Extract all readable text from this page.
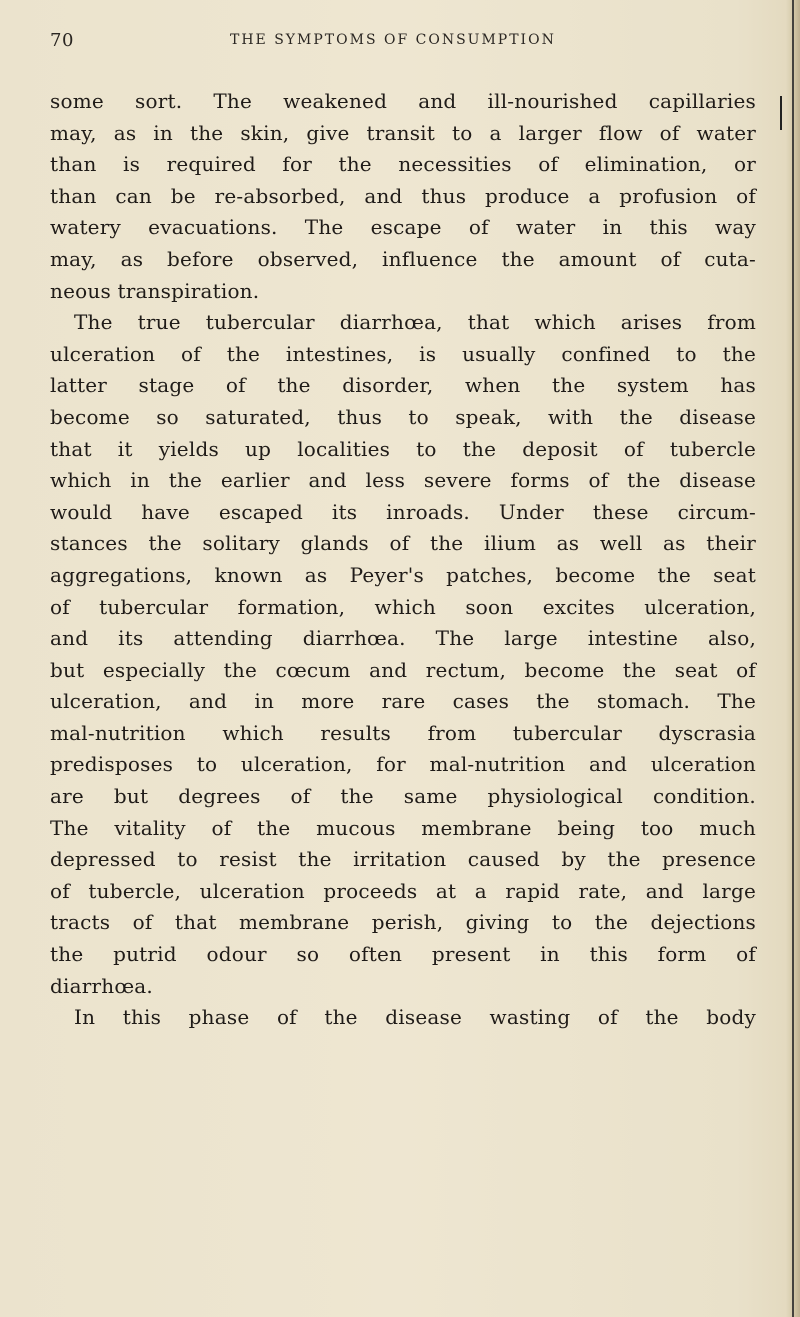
70	THE SYMPTOMS OF CONSUMPTION
some sort. The weakened and ill-nourished capillaries
may, as in the skin, give transit to a larger flow of water
than is required for the necessities of elimination, or
than can be re-absorbed, and thus produce a profusion of
watery evacuations. The escape of water in this way
may, as before observed, influence the amount of cuta-
neous transpiration.
The true tubercular diarrhœa, that which arises from
ulceration of the intestines, is usually confined to the
latter stage of the disorder, when the system has
become so saturated, thus to speak, with the disease
that it yields up localities to the deposit of tubercle
which in the earlier and less severe forms of the disease
would have escaped its inroads. Under these circum-
stances the solitary glands of the ilium as well as their
aggregations, known as Peyer's patches, become the seat
of tubercular formation, which soon excites ulceration,
and its attending diarrhœa. The large intestine also,
but especially the cœcum and rectum, become the seat of
ulceration, and in more rare cases the stomach. The
mal-nutrition which results from tubercular dyscrasia
predisposes to ulceration, for mal-nutrition and ulceration
are but degrees of the same physiological condition.
The vitality of the mucous membrane being too much
depressed to resist the irritation caused by the presence
of tubercle, ulceration proceeds at a rapid rate, and large
tracts of that membrane perish, giving to the dejections
the putrid odour so often present in this form of
diarrhœa.
In this phase of the disease wasting of the body
